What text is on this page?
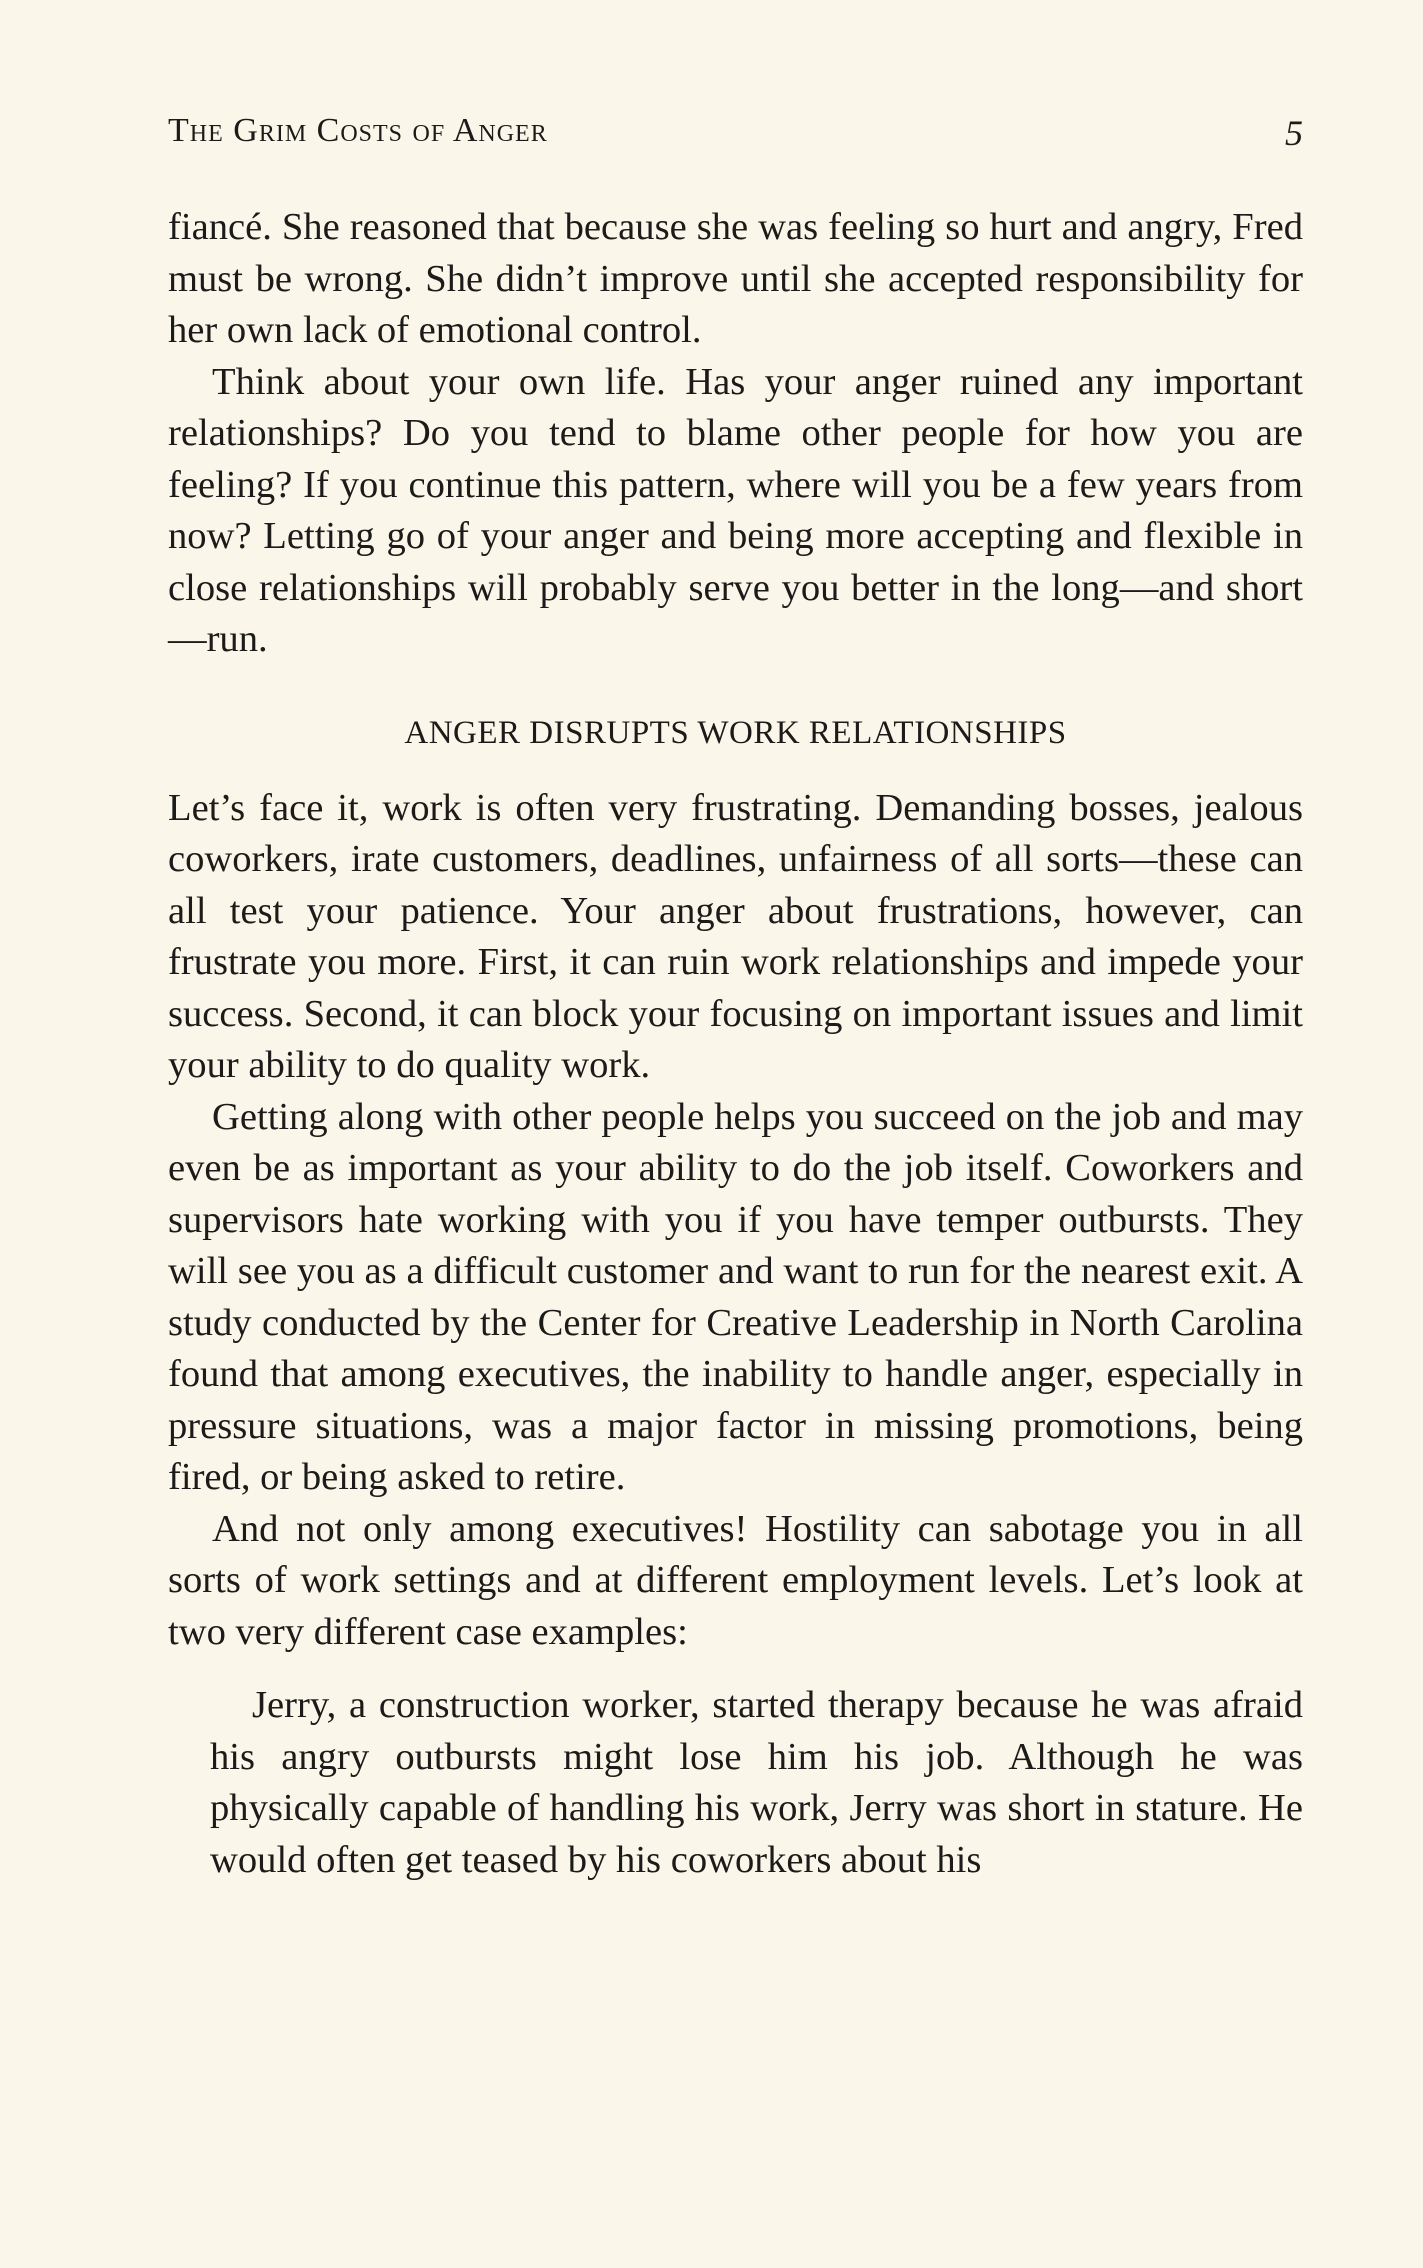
The Grim Costs of Anger	5

fiancé. She reasoned that because she was feeling so hurt and angry, Fred must be wrong. She didn’t improve until she accepted responsibility for her own lack of emotional control.

Think about your own life. Has your anger ruined any important relationships? Do you tend to blame other people for how you are feeling? If you continue this pattern, where will you be a few years from now? Letting go of your anger and being more accepting and flexible in close relationships will probably serve you better in the long—and short—run.

ANGER DISRUPTS WORK RELATIONSHIPS

Let’s face it, work is often very frustrating. Demanding bosses, jealous coworkers, irate customers, deadlines, unfairness of all sorts—these can all test your patience. Your anger about frustrations, however, can frustrate you more. First, it can ruin work relationships and impede your success. Second, it can block your focusing on important issues and limit your ability to do quality work.

Getting along with other people helps you succeed on the job and may even be as important as your ability to do the job itself. Coworkers and supervisors hate working with you if you have temper outbursts. They will see you as a difficult customer and want to run for the nearest exit. A study conducted by the Center for Creative Leadership in North Carolina found that among executives, the inability to handle anger, especially in pressure situations, was a major factor in missing promotions, being fired, or being asked to retire.

And not only among executives! Hostility can sabotage you in all sorts of work settings and at different employment levels. Let’s look at two very different case examples:

Jerry, a construction worker, started therapy because he was afraid his angry outbursts might lose him his job. Although he was physically capable of handling his work, Jerry was short in stature. He would often get teased by his coworkers about his
